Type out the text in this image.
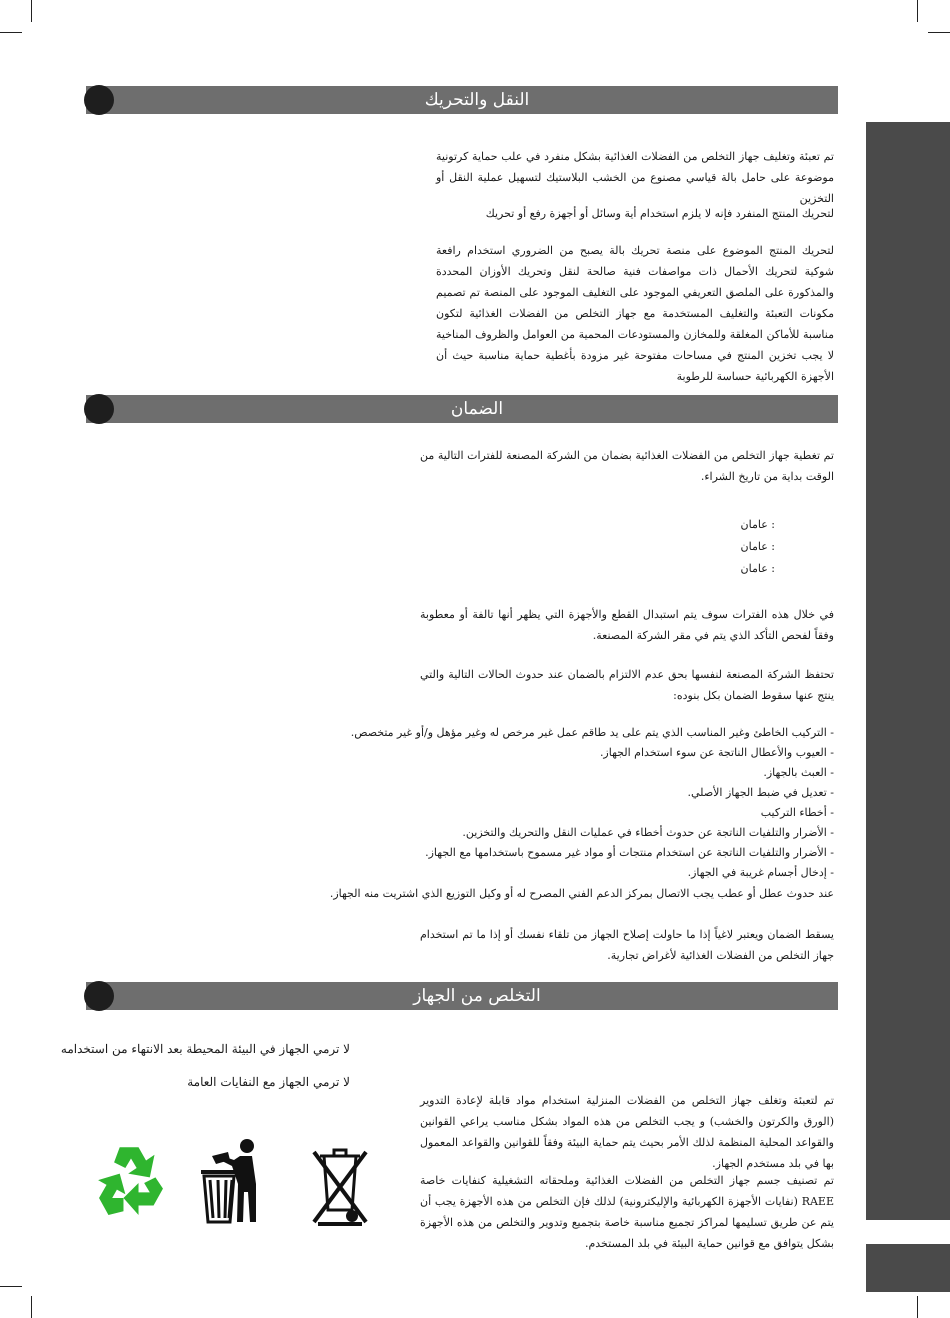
النقل والتحريك

تم تعبئة وتغليف جهاز التخلص من الفضلات الغذائية بشكل منفرد في علب حماية كرتونية موضوعة على حامل بالة قياسي مصنوع من الخشب البلاستيك لتسهيل عملية النقل أو التخزين

لتحريك المنتج المنفرد فإنه لا يلزم استخدام أية وسائل أو أجهزة رفع أو تحريك

لتحريك المنتج الموضوع على منصة تحريك بالة يصبح من الضروري استخدام رافعة شوكية لتحريك الأحمال ذات مواصفات فنية صالحة لنقل وتحريك الأوزان المحددة والمذكورة على الملصق التعريفي الموجود على التغليف الموجود على المنصة تم تصميم مكونات التعبئة والتغليف المستخدمة مع جهاز التخلص من الفضلات الغذائية لتكون مناسبة للأماكن المغلقة وللمخازن والمستودعات المحمية من العوامل والظروف المناخية لا يجب تخزين المنتج في مساحات مفتوحة غير مزودة بأغطية حماية مناسبة حيث أن الأجهزة الكهربائية حساسة للرطوبة

الضمان

تم تغطية جهاز التخلص من الفضلات الغذائية بضمان من الشركة المصنعة للفترات التالية من الوقت بداية من تاريخ الشراء.

: عامان

: عامان

: عامان

في خلال هذه الفترات سوف يتم استبدال القطع والأجهزة التي يظهر أنها تالفة أو معطوبة وفقاً لفحص التأكد الذي يتم في مقر الشركة المصنعة.

تحتفظ الشركة المصنعة لنفسها بحق عدم الالتزام بالضمان عند حدوث الحالات التالية والتي ينتج عنها سقوط الضمان بكل بنوده:

- التركيب الخاطئ وغير المناسب الذي يتم على يد طاقم عمل غير مرخص له وغير مؤهل و/أو غير متخصص.
- العيوب والأعطال الناتجة عن سوء استخدام الجهاز.
- العبث بالجهاز.
- تعديل في ضبط الجهاز الأصلي.
- أخطاء التركيب
- الأضرار والتلفيات الناتجة عن حدوث أخطاء في عمليات النقل والتحريك والتخزين.
- الأضرار والتلفيات الناتجة عن استخدام منتجات أو مواد غير مسموح باستخدامها مع الجهاز.
- إدخال أجسام غريبة في الجهاز.

عند حدوث عطل أو عطب يجب الاتصال بمركز الدعم الفني المصرح له أو وكيل التوزيع الذي اشتريت منه الجهاز.

يسقط الضمان ويعتبر لاغياً إذا ما حاولت إصلاح الجهاز من تلقاء نفسك أو إذا ما تم استخدام جهاز التخلص من الفضلات الغذائية لأغراض تجارية.

التخلص من الجهاز

لا ترمي الجهاز في البيئة المحيطة بعد الانتهاء من استخدامه

لا ترمي الجهاز مع النفايات العامة

تم لتعبئة وتغلف جهاز التخلص من الفضلات المنزلية استخدام مواد قابلة لإعادة التدوير (الورق والكرتون والخشب) و يجب التخلص من هذه المواد بشكل مناسب يراعي القوانين والقواعد المحلية المنظمة لذلك الأمر بحيث يتم حماية البيئة وفقاً للقوانين والقواعد المعمول بها في بلد مستخدم الجهاز.

تم تصنيف جسم جهاز التخلص من الفضلات الغذائية وملحقاته التشغيلية كنفايات خاصة RAEE (نفايات الأجهزة الكهربائية والإليكترونية) لذلك فإن التخلص من هذه الأجهزة يجب أن يتم عن طريق تسليمها لمراكز تجميع مناسبة خاصة بتجميع وتدوير والتخلص من هذه الأجهزة بشكل يتوافق مع قوانين حماية البيئة في بلد المستخدم.
